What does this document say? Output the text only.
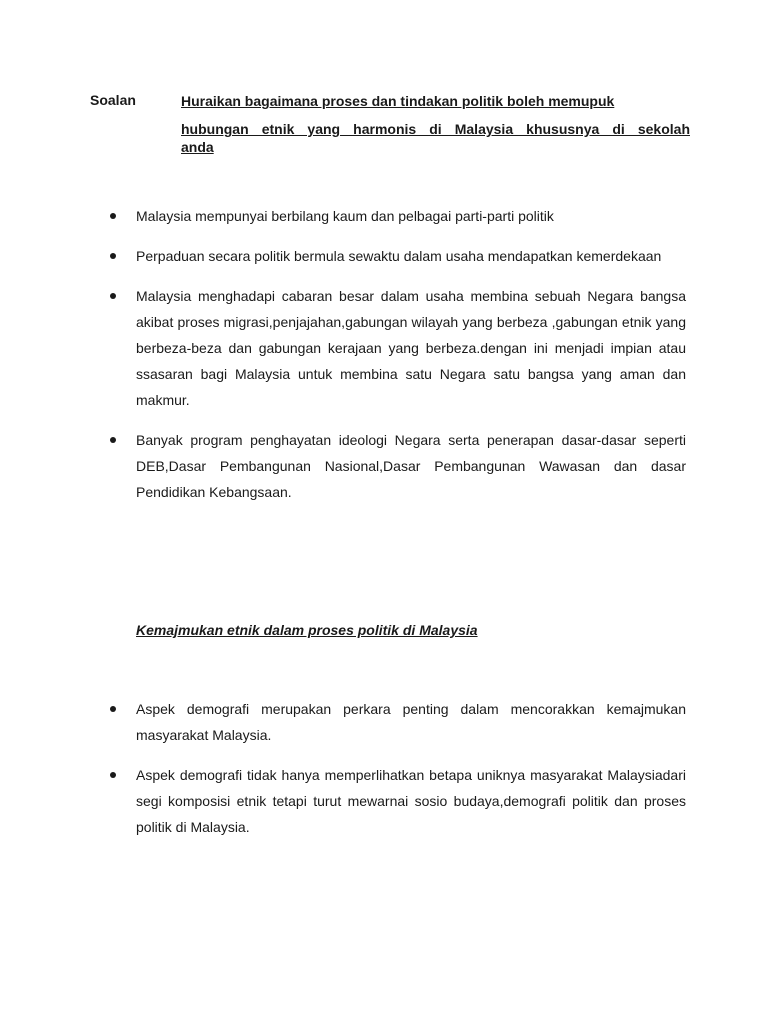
Soalan	Huraikan bagaimana proses dan tindakan politik boleh memupuk
hubungan etnik yang harmonis di Malaysia khususnya di sekolah
anda
Malaysia mempunyai berbilang kaum dan pelbagai parti-parti politik
Perpaduan secara politik bermula sewaktu dalam usaha mendapatkan kemerdekaan
Malaysia menghadapi cabaran besar dalam usaha membina sebuah Negara bangsa akibat proses migrasi,penjajahan,gabungan wilayah yang berbeza ,gabungan etnik yang berbeza-beza dan gabungan kerajaan yang berbeza.dengan ini menjadi impian atau ssasaran bagi Malaysia untuk membina satu Negara satu bangsa yang aman dan makmur.
Banyak program penghayatan ideologi Negara serta penerapan dasar-dasar seperti DEB,Dasar Pembangunan Nasional,Dasar Pembangunan Wawasan dan dasar Pendidikan Kebangsaan.
Kemajmukan etnik dalam proses politik di Malaysia
Aspek demografi merupakan perkara penting dalam mencorakkan kemajmukan masyarakat Malaysia.
Aspek demografi tidak hanya memperlihatkan betapa uniknya masyarakat Malaysiadari segi komposisi etnik tetapi turut mewarnai sosio budaya,demografi politik dan proses politik di Malaysia.
